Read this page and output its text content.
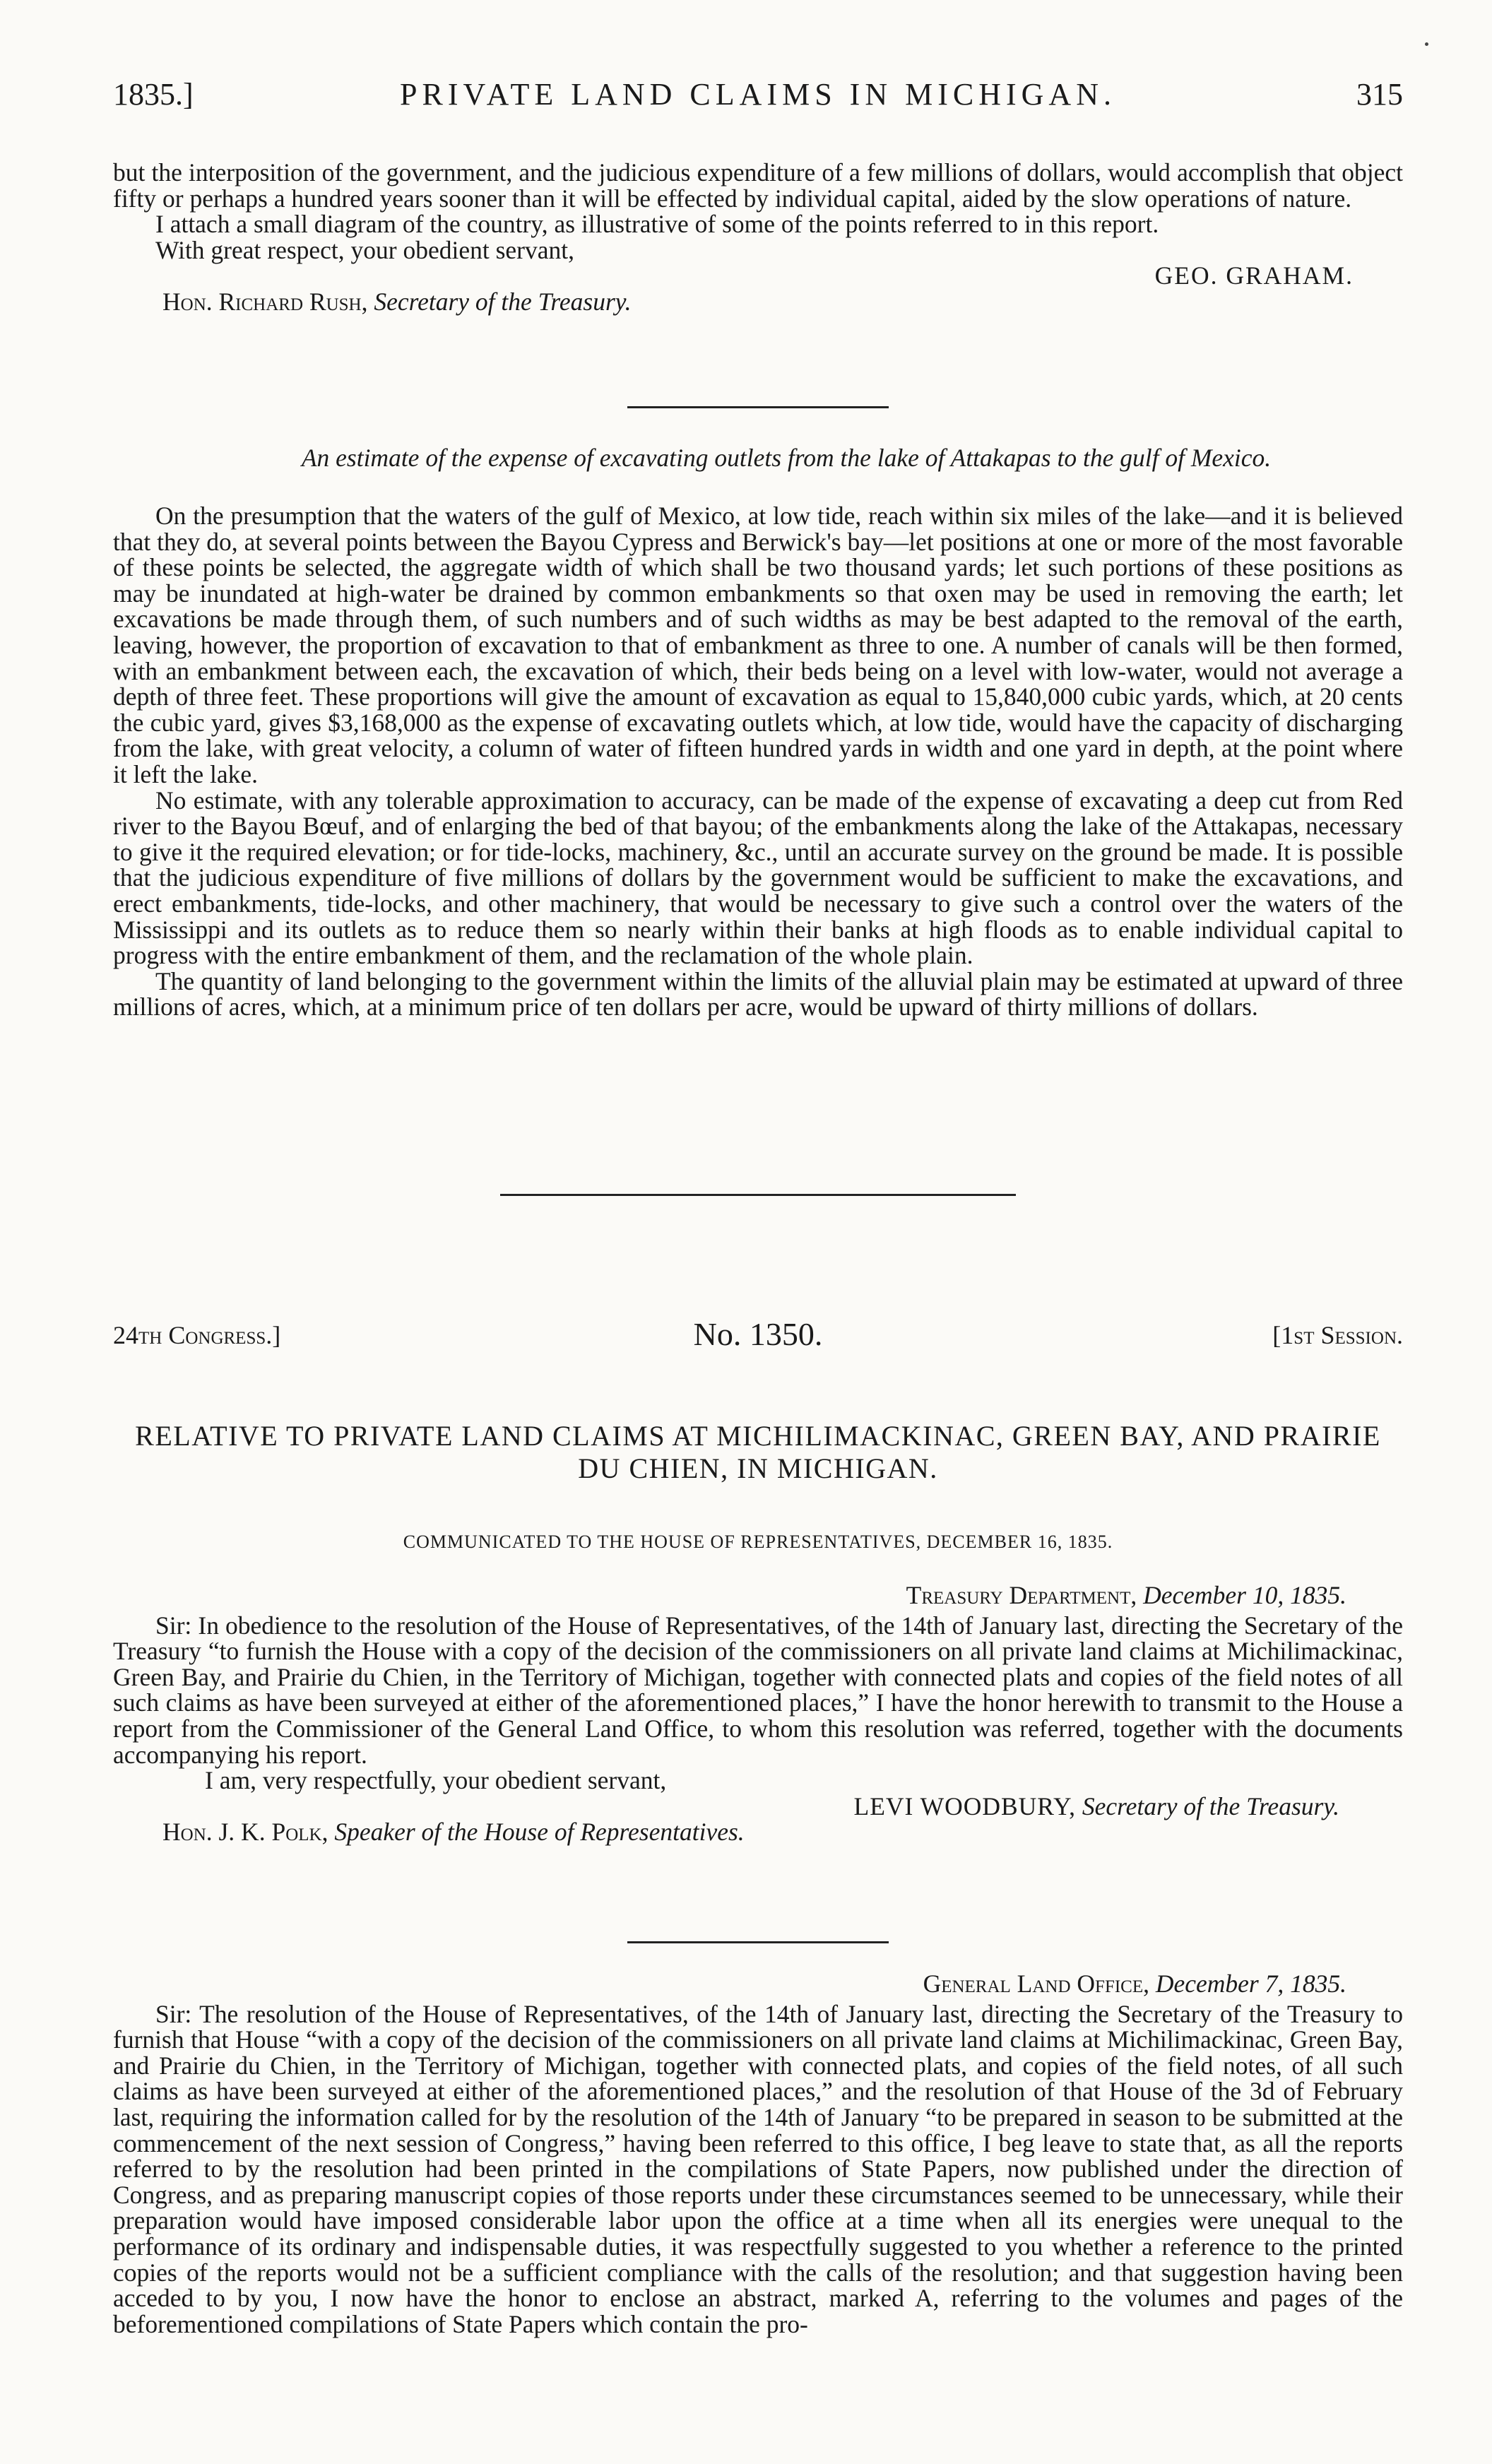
1835.]	PRIVATE LAND CLAIMS IN MICHIGAN.	315

but the interposition of the government, and the judicious expenditure of a few millions of dollars, would accomplish that object fifty or perhaps a hundred years sooner than it will be effected by individual capital, aided by the slow operations of nature.

I attach a small diagram of the country, as illustrative of some of the points referred to in this report.

With great respect, your obedient servant,

GEO. GRAHAM.

Hon. Richard Rush, Secretary of the Treasury.

An estimate of the expense of excavating outlets from the lake of Attakapas to the gulf of Mexico.

On the presumption that the waters of the gulf of Mexico, at low tide, reach within six miles of the lake—and it is believed that they do, at several points between the Bayou Cypress and Berwick's bay—let positions at one or more of the most favorable of these points be selected, the aggregate width of which shall be two thousand yards; let such portions of these positions as may be inundated at high-water be drained by common embankments so that oxen may be used in removing the earth; let excavations be made through them, of such numbers and of such widths as may be best adapted to the removal of the earth, leaving, however, the proportion of excavation to that of embankment as three to one. A number of canals will be then formed, with an embankment between each, the excavation of which, their beds being on a level with low-water, would not average a depth of three feet. These proportions will give the amount of excavation as equal to 15,840,000 cubic yards, which, at 20 cents the cubic yard, gives $3,168,000 as the expense of excavating outlets which, at low tide, would have the capacity of discharging from the lake, with great velocity, a column of water of fifteen hundred yards in width and one yard in depth, at the point where it left the lake.

No estimate, with any tolerable approximation to accuracy, can be made of the expense of excavating a deep cut from Red river to the Bayou Bœuf, and of enlarging the bed of that bayou; of the embankments along the lake of the Attakapas, necessary to give it the required elevation; or for tide-locks, machinery, &c., until an accurate survey on the ground be made. It is possible that the judicious expenditure of five millions of dollars by the government would be sufficient to make the excavations, and erect embankments, tide-locks, and other machinery, that would be necessary to give such a control over the waters of the Mississippi and its outlets as to reduce them so nearly within their banks at high floods as to enable individual capital to progress with the entire embankment of them, and the reclamation of the whole plain.

The quantity of land belonging to the government within the limits of the alluvial plain may be estimated at upward of three millions of acres, which, at a minimum price of ten dollars per acre, would be upward of thirty millions of dollars.

24th Congress.]	No. 1350.	[1st Session.
RELATIVE TO PRIVATE LAND CLAIMS AT MICHILIMACKINAC, GREEN BAY, AND PRAIRIE DU CHIEN, IN MICHIGAN.
COMMUNICATED TO THE HOUSE OF REPRESENTATIVES, DECEMBER 16, 1835.

Treasury Department, December 10, 1835.

Sir: In obedience to the resolution of the House of Representatives, of the 14th of January last, directing the Secretary of the Treasury “to furnish the House with a copy of the decision of the commissioners on all private land claims at Michilimackinac, Green Bay, and Prairie du Chien, in the Territory of Michigan, together with connected plats and copies of the field notes of all such claims as have been surveyed at either of the aforementioned places,” I have the honor herewith to transmit to the House a report from the Commissioner of the General Land Office, to whom this resolution was referred, together with the documents accompanying his report.

I am, very respectfully, your obedient servant,

LEVI WOODBURY, Secretary of the Treasury.

Hon. J. K. Polk, Speaker of the House of Representatives.

General Land Office, December 7, 1835.

Sir: The resolution of the House of Representatives, of the 14th of January last, directing the Secretary of the Treasury to furnish that House “with a copy of the decision of the commissioners on all private land claims at Michilimackinac, Green Bay, and Prairie du Chien, in the Territory of Michigan, together with connected plats, and copies of the field notes, of all such claims as have been surveyed at either of the aforementioned places,” and the resolution of that House of the 3d of February last, requiring the information called for by the resolution of the 14th of January “to be prepared in season to be submitted at the commencement of the next session of Congress,” having been referred to this office, I beg leave to state that, as all the reports referred to by the resolution had been printed in the compilations of State Papers, now published under the direction of Congress, and as preparing manuscript copies of those reports under these circumstances seemed to be unnecessary, while their preparation would have imposed considerable labor upon the office at a time when all its energies were unequal to the performance of its ordinary and indispensable duties, it was respectfully suggested to you whether a reference to the printed copies of the reports would not be a sufficient compliance with the calls of the resolution; and that suggestion having been acceded to by you, I now have the honor to enclose an abstract, marked A, referring to the volumes and pages of the beforementioned compilations of State Papers which contain the pro-
